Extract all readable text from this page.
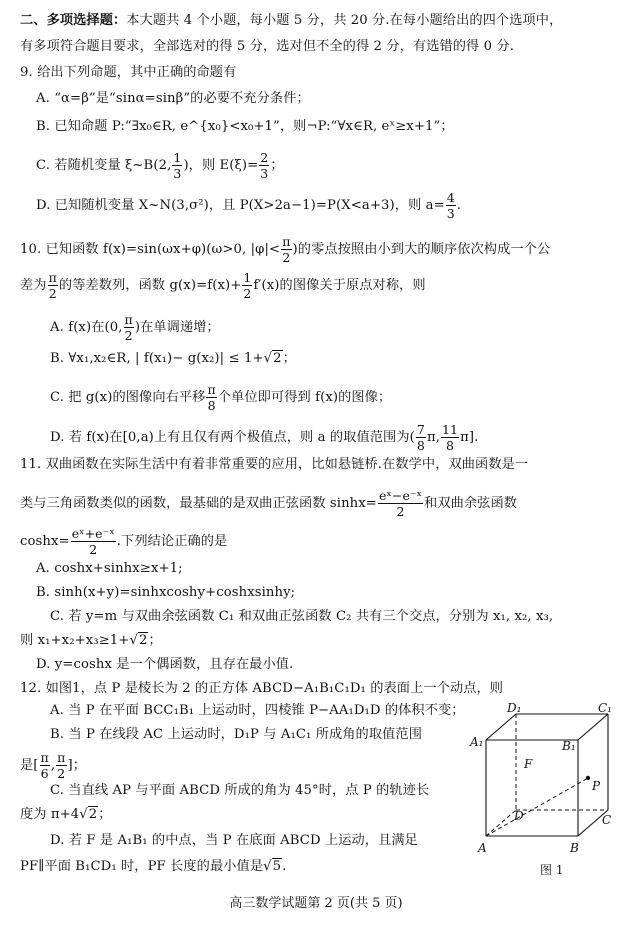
二、多项选择题：本大题共 4 个小题，每小题 5 分，共 20 分.在每小题给出的四个选项中，
有多项符合题目要求，全部选对的得 5 分，选对但不全的得 2 分，有选错的得 0 分.
9. 给出下列命题，其中正确的命题有
A. “α=β”是“sinα=sinβ”的必要不充分条件；
B. 已知命题 P:“∃x₀∈R, e^{x₀}<x₀+1”，则¬P:“∀x∈R, eˣ≥x+1”；
C. 若随机变量 ξ~B(2, $\frac{1}{3}$ )，则 $E(\xi)= \frac{2}{3}$ ；
D. 已知随机变量 X~N(3,σ²)，且 P(X>2a−1)=P(X<a+3)，则 $a= \frac{4}{3}$ .
10. 已知函数 f(x)=sin(ωx+φ)(ω>0, $|\varphi|< \frac{\pi}{2}$ )的零点按照由小到大的顺序依次构成一个公
差为 $\frac{\pi}{2}$ 的等差数列，函数 $g(x)=f(x)+ \frac{1}{2} f'(x)$的图像关于原点对称，则
A. f(x)在(0, $\frac{\pi}{2}$ )在单调递增；
B. ∀x₁,x₂∈R, | f(x₁)− g(x₂)| ≤ 1+√2；
C. 把 g(x)的图像向右平移 $\frac{\pi}{8}$ 个单位即可得到 f(x)的图像；
D. 若 f(x)在[0,a)上有且仅有两个极值点，则 a 的取值范围为( $\frac{7}{8} \pi$, $\frac{11}{8} \pi$].
11. 双曲函数在实际生活中有着非常重要的应用，比如悬链桥.在数学中，双曲函数是一
类与三角函数类似的函数，最基础的是双曲正弦函数 $\sinh x= \frac{\text{eˣ−e⁻ˣ}}{2}$ 和双曲余弦函数
$\cosh x= \frac{\text{eˣ+e⁻ˣ}}{2}$ .下列结论正确的是
A. coshx+sinhx≥x+1;
B. sinh(x+y)=sinhxcoshy+coshxsinhy;
C. 若 y=m 与双曲余弦函数 C₁ 和双曲正弦函数 C₂ 共有三个交点，分别为 x₁, x₂, x₃,
则 x₁+x₂+x₃≥1+√2；
D. y=coshx 是一个偶函数，且存在最小值.
12. 如图1，点 P 是棱长为 2 的正方体 ABCD−A₁B₁C₁D₁ 的表面上一个动点，则
A. 当 P 在平面 BCC₁B₁ 上运动时，四棱锥 P−AA₁D₁D 的体积不变；
B. 当 P 在线段 AC 上运动时，D₁P 与 A₁C₁ 所成角的取值范围
是[ $\frac{\pi}{6}$ , $\frac{\pi}{2}$ ]；
C. 当直线 AP 与平面 ABCD 所成的角为 45°时，点 P 的轨迹长
度为 π+4√2；
D. 若 F 是 A₁B₁ 的中点，当 P 在底面 ABCD 上运动，且满足
PF∥平面 B₁CD₁ 时，PF 长度的最小值是√5.
D₁	C₁
A₁	B₁
F
P
D	C
A	B
图 1
高三数学试题第 2 页(共 5 页)
